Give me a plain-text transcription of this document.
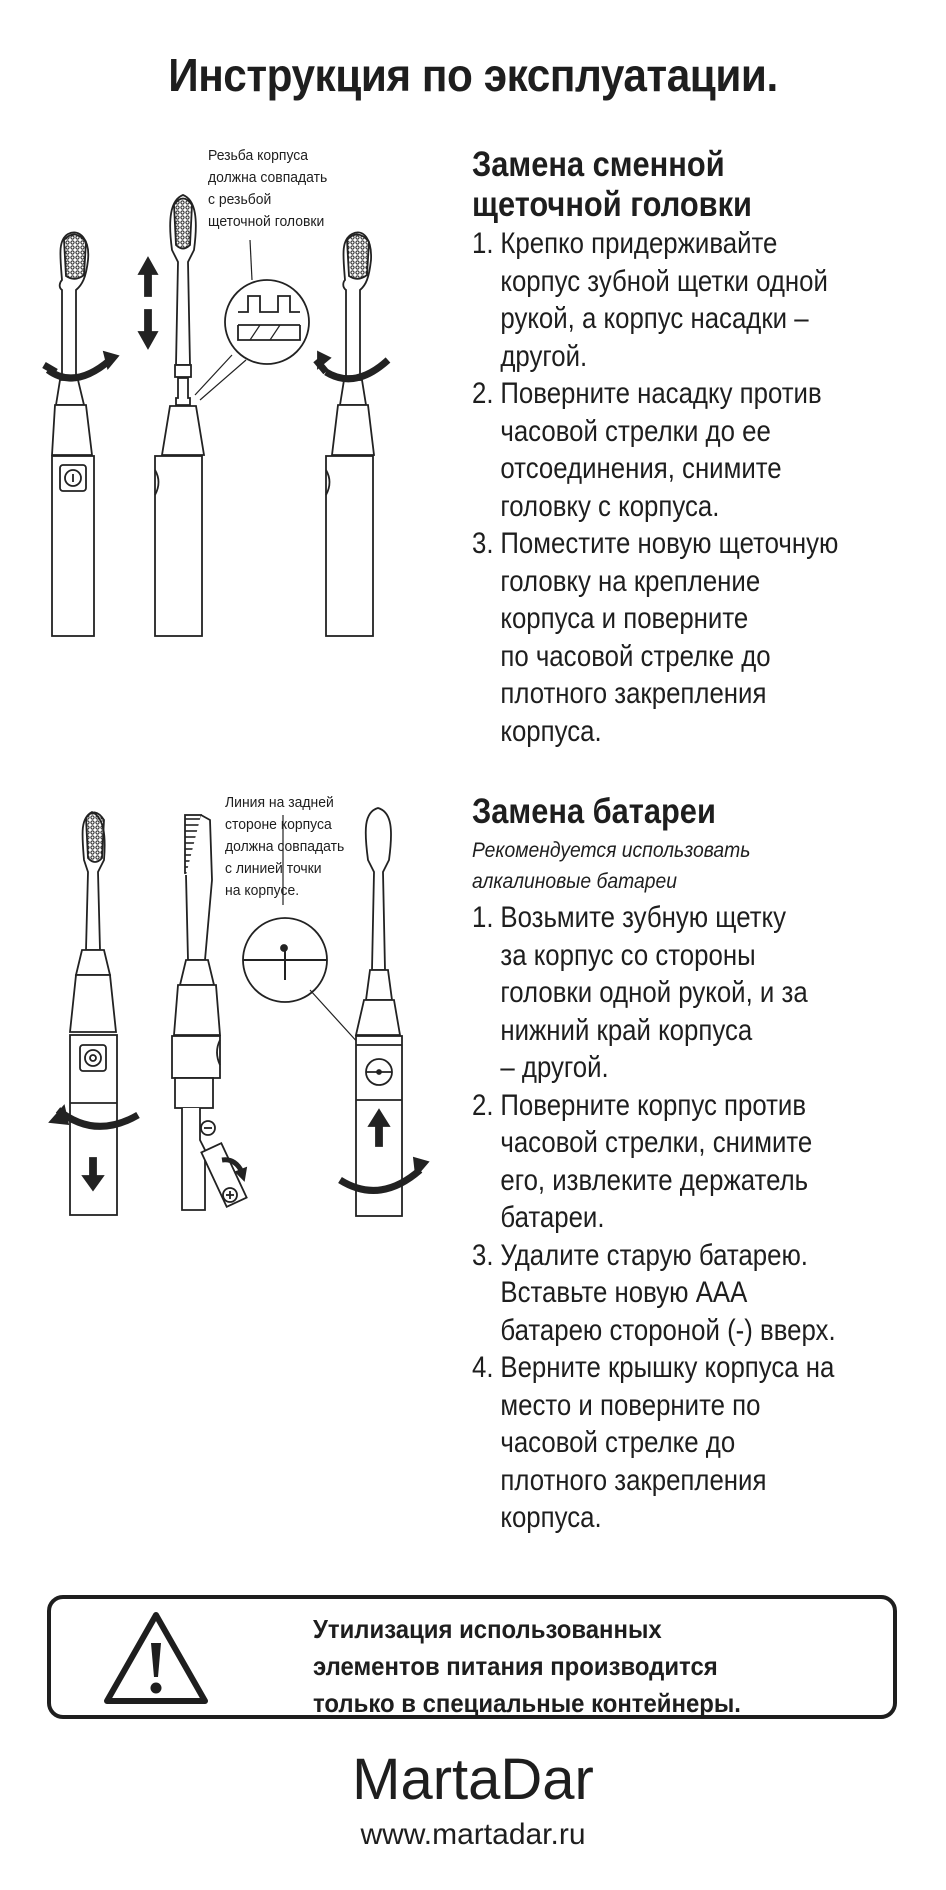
Инструкция по эксплуатации.
Резьба корпуса
должна совпадать
с резьбой
щеточной головки
Линия на задней
стороне корпуса
должна совпадать
с линией точки
на корпусе.
Замена сменной
щеточной головки
1. Крепко придерживайте
корпус зубной щетки одной
рукой, а корпус насадки –
другой.
2. Поверните насадку против
часовой стрелки до ее
отсоединения, снимите
головку с корпуса.
3. Поместите новую щеточную
головку на крепление
корпуса и поверните
по часовой стрелке до
плотного закрепления
корпуса.
Замена батареи
Рекомендуется использовать
алкалиновые батареи
1. Возьмите зубную щетку
за корпус со стороны
головки одной рукой, и за
нижний край корпуса
– другой.
2. Поверните корпус против
часовой стрелки, снимите
его, извлеките держатель
батареи.
3. Удалите старую батарею.
Вставьте новую ААА
батарею стороной (-) вверх.
4. Верните крышку корпуса на
место и поверните по
часовой стрелке до
плотного закрепления
корпуса.
Утилизация использованных
элементов питания производится
только в специальные контейнеры.
MartaDar
www.martadar.ru
